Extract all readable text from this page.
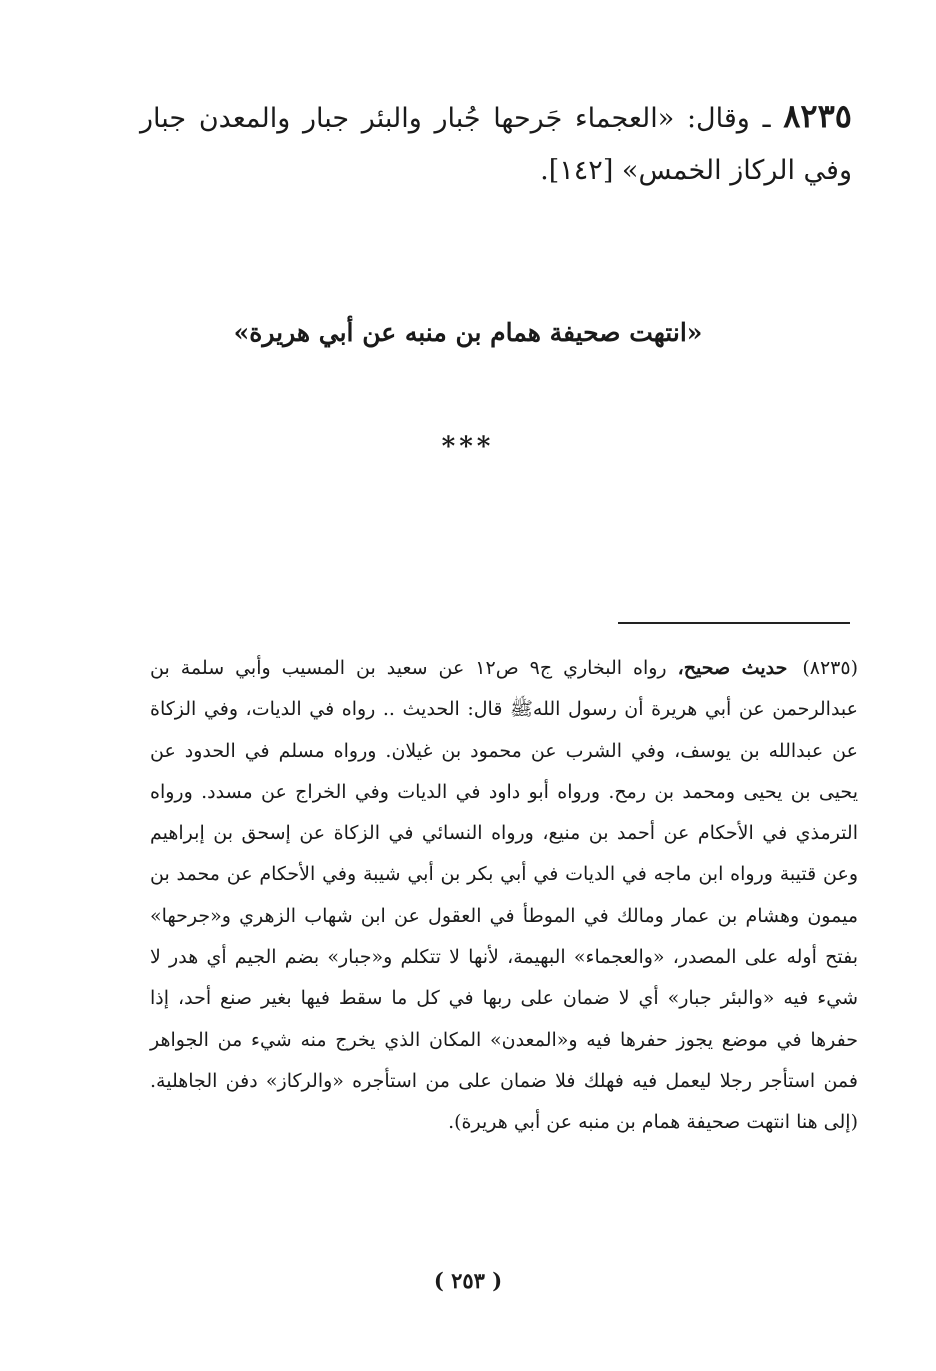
٨٢٣٥ ـ وقال: «العجماء جَرحها جُبار والبئر جبار والمعدن جبار وفي الركاز الخمس» [١٤٢].
«انتهت صحيفة همام بن منبه عن أبي هريرة»
***
(٨٢٣٥) حديث صحيح، رواه البخاري ج٩ ص١٢ عن سعيد بن المسيب وأبي سلمة بن عبدالرحمن عن أبي هريرة أن رسول اللهﷺ قال: الحديث .. رواه في الديات، وفي الزكاة عن عبدالله بن يوسف، وفي الشرب عن محمود بن غيلان. ورواه مسلم في الحدود عن يحيى بن يحيى ومحمد بن رمح. ورواه أبو داود في الديات وفي الخراج عن مسدد. ورواه الترمذي في الأحكام عن أحمد بن منيع، ورواه النسائي في الزكاة عن إسحق بن إبراهيم وعن قتيبة ورواه ابن ماجه في الديات في أبي بكر بن أبي شيبة وفي الأحكام عن محمد بن ميمون وهشام بن عمار ومالك في الموطأ في العقول عن ابن شهاب الزهري و«جرحها» بفتح أوله على المصدر، «والعجماء» البهيمة، لأنها لا تتكلم و«جبار» بضم الجيم أي هدر لا شيء فيه «والبئر جبار» أي لا ضمان على ربها في كل ما سقط فيها بغير صنع أحد، إذا حفرها في موضع يجوز حفرها فيه و«المعدن» المكان الذي يخرج منه شيء من الجواهر فمن استأجر رجلا ليعمل فيه فهلك فلا ضمان على من استأجره «والركاز» دفن الجاهلية. (إلى هنا انتهت صحيفة همام بن منبه عن أبي هريرة).
( ٢٥٣ )
